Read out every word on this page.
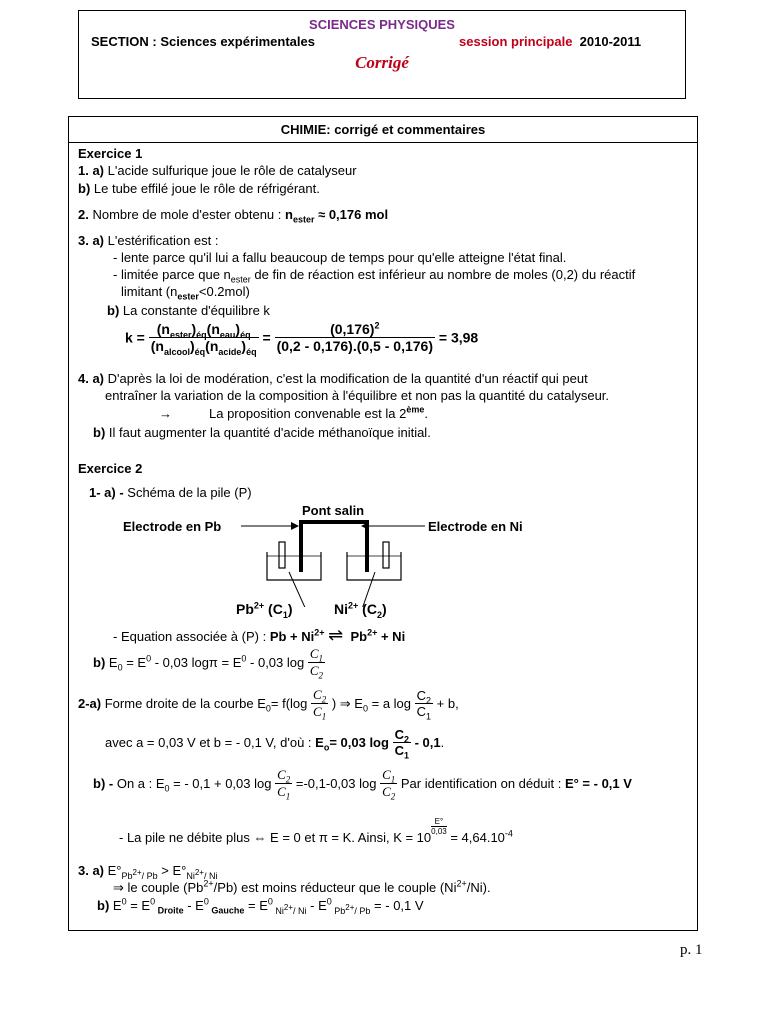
SCIENCES PHYSIQUES
SECTION : Sciences expérimentales	session principale 2010-2011
Corrigé
CHIMIE: corrigé et commentaires
Exercice 1
1. a) L'acide sulfurique joue le rôle de catalyseur
b) Le tube effilé joue le rôle de réfrigérant.
2. Nombre de mole d'ester obtenu : $n_{ester} \approx 0,176$ mol
3. a) L'estérification est :
- lente parce qu'il lui a fallu beaucoup de temps pour qu'elle atteigne l'état final.
- limitée parce que $n_{ester}$ de fin de réaction est inférieur au nombre de moles (0,2) du réactif
limitant $(n_{ester}<0.2mol)$
b) La constante d'équilibre k
$k = \frac{(n_{ester})_{éq}(n_{eau})_{éq}}{(n_{alcool})_{éq}(n_{acide})_{éq}} = \frac{(0,176)^2}{(0,2 - 0,176).(0,5 - 0,176)} = 3,98$
4. a) D'après la loi de modération, c'est la modification de la quantité d'un réactif qui peut
entraîner la variation de la composition à l'équilibre et non pas la quantité du catalyseur.
→	La proposition convenable est la 2ème.
b) Il faut augmenter la quantité d'acide méthanoïque initial.
Exercice 2
1- a) - Schéma de la pile (P)
Pont salin
Electrode en Pb	Electrode en Ni
$Pb^{2+}$ $(C_1)$	$Ni^{2+}$ $(C_2)$
- Equation associée à (P) : $Pb + Ni^{2+}$ ⇌ $Pb^{2+} + Ni$
b) $E_0 = E^0 - 0,03$ $\log\pi = E^0 - 0,03$ $\log \frac{C_1}{C_2}$
2-a) Forme droite de la courbe $E_0= f(\log \frac{C_2}{C_1}$ ) ⇒ $E_0 = a$ $\log \frac{C_2}{C_1} + b$,
avec a = 0,03 V et b = - 0,1 V, d'où : $E_o= 0,03$ $\log \frac{C_2}{C_1} - 0,1$.
b) - On a : $E_0$ = - 0,1 + 0,03 $\log \frac{C_2}{C_1} =-0,1-0,03$ $\log \frac{C_1}{C_2}$ Par identification on déduit : E° = - 0,1 V
- La pile ne débite plus ⇔ E = 0 et π = K. Ainsi, K = 10
$\frac{E^\circ}{0,03}$
= $4,64.10^{-4}$
3. a) $E^\circ_{Pb^{2+}/ Pb} > E^\circ_{Ni^{2+}/ Ni}$
⇒ le couple $(Pb^{2+}/Pb)$ est moins réducteur que le couple $(Ni^{2+}/Ni)$.
b) $E^0 = E^0$ $_{Droite} - E^0$ $_{Gauche} = E^0$ $_{Ni^{2+}/ Ni} - E^0$ $_{Pb^{2+}/ Pb}$ = - 0,1 V
p. 1
